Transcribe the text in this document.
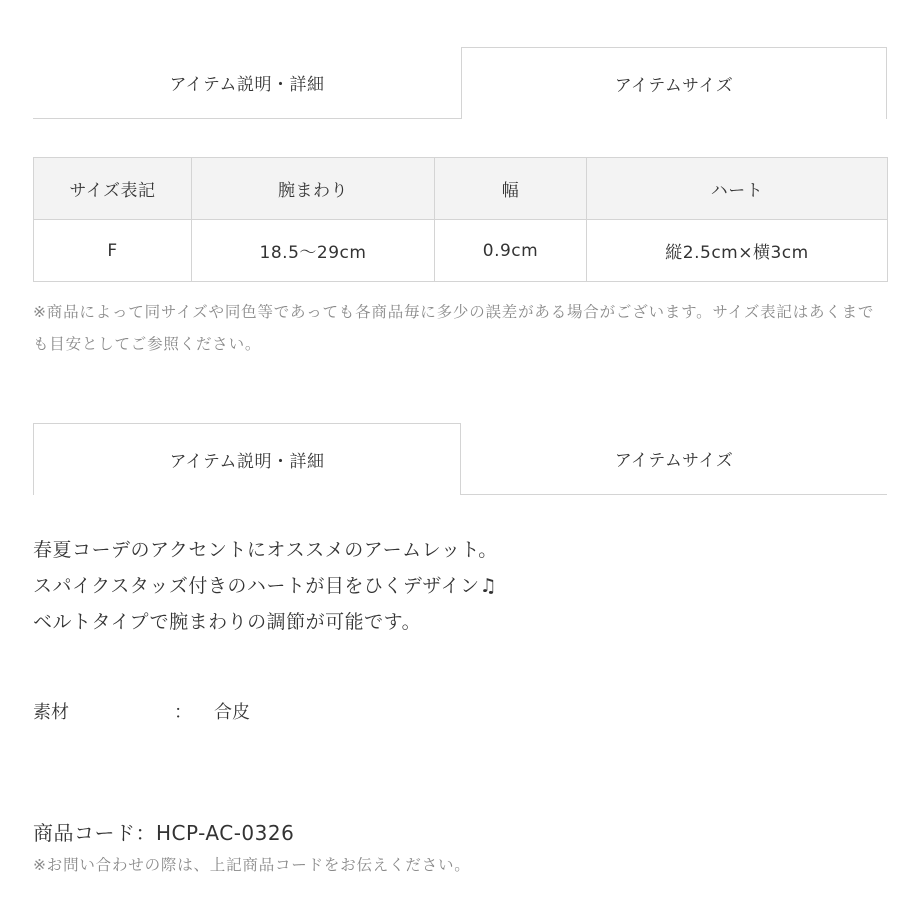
アイテム説明・詳細	アイテムサイズ
サイズ表記	腕まわり	幅	ハート
F	18.5～29cm	0.9cm	縦2.5cm×横3cm
※商品によって同サイズや同色等であっても各商品毎に多少の誤差がある場合がございます。サイズ表記はあくまでも目安としてご参照ください。
アイテム説明・詳細	アイテムサイズ
春夏コーデのアクセントにオススメのアームレット。
スパイクスタッズ付きのハートが目をひくデザイン♫
ベルトタイプで腕まわりの調節が可能です。
素材	： 合皮
商品コード：HCP-AC-0326
※お問い合わせの際は、上記商品コードをお伝えください。
